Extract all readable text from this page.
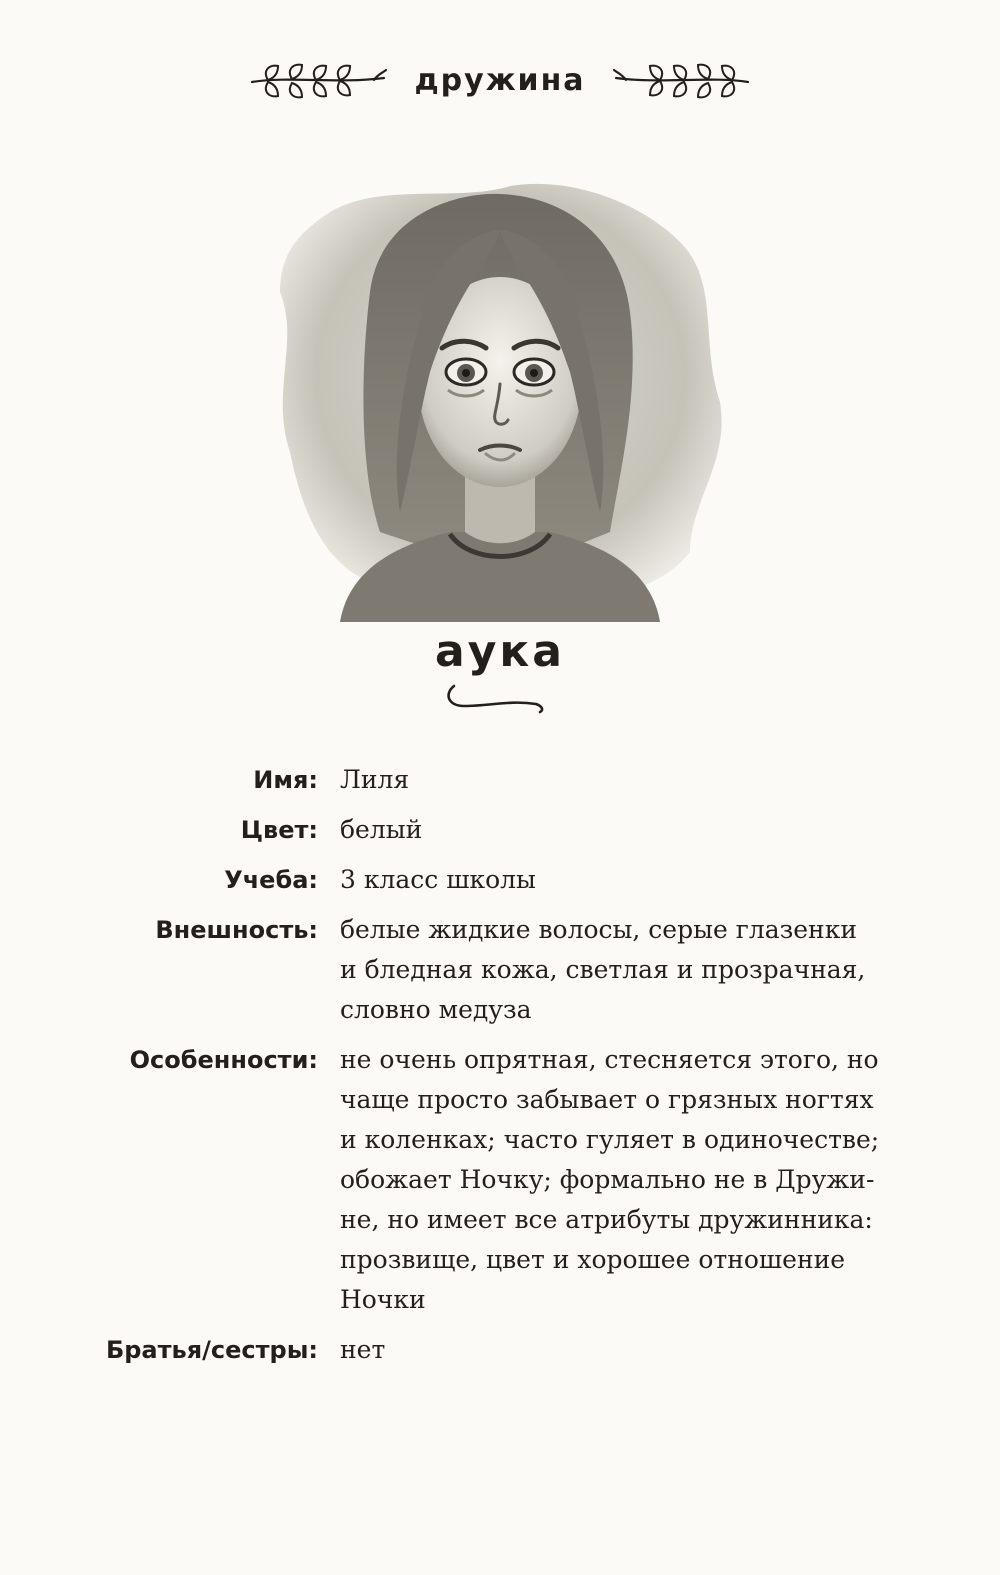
дружина
аука
Имя: Лиля
Цвет: белый
Учеба: 3 класс школы
Внешность: белые жидкие волосы, серые глазенки
и бледная кожа, светлая и прозрачная,
словно медуза
Особенности: не очень опрятная, стесняется этого, но
чаще просто забывает о грязных ногтях
и коленках; часто гуляет в одиночестве;
обожает Ночку; формально не в Дружи-
не, но имеет все атрибуты дружинника:
прозвище, цвет и хорошее отношение
Ночки
Братья/сестры: нет
